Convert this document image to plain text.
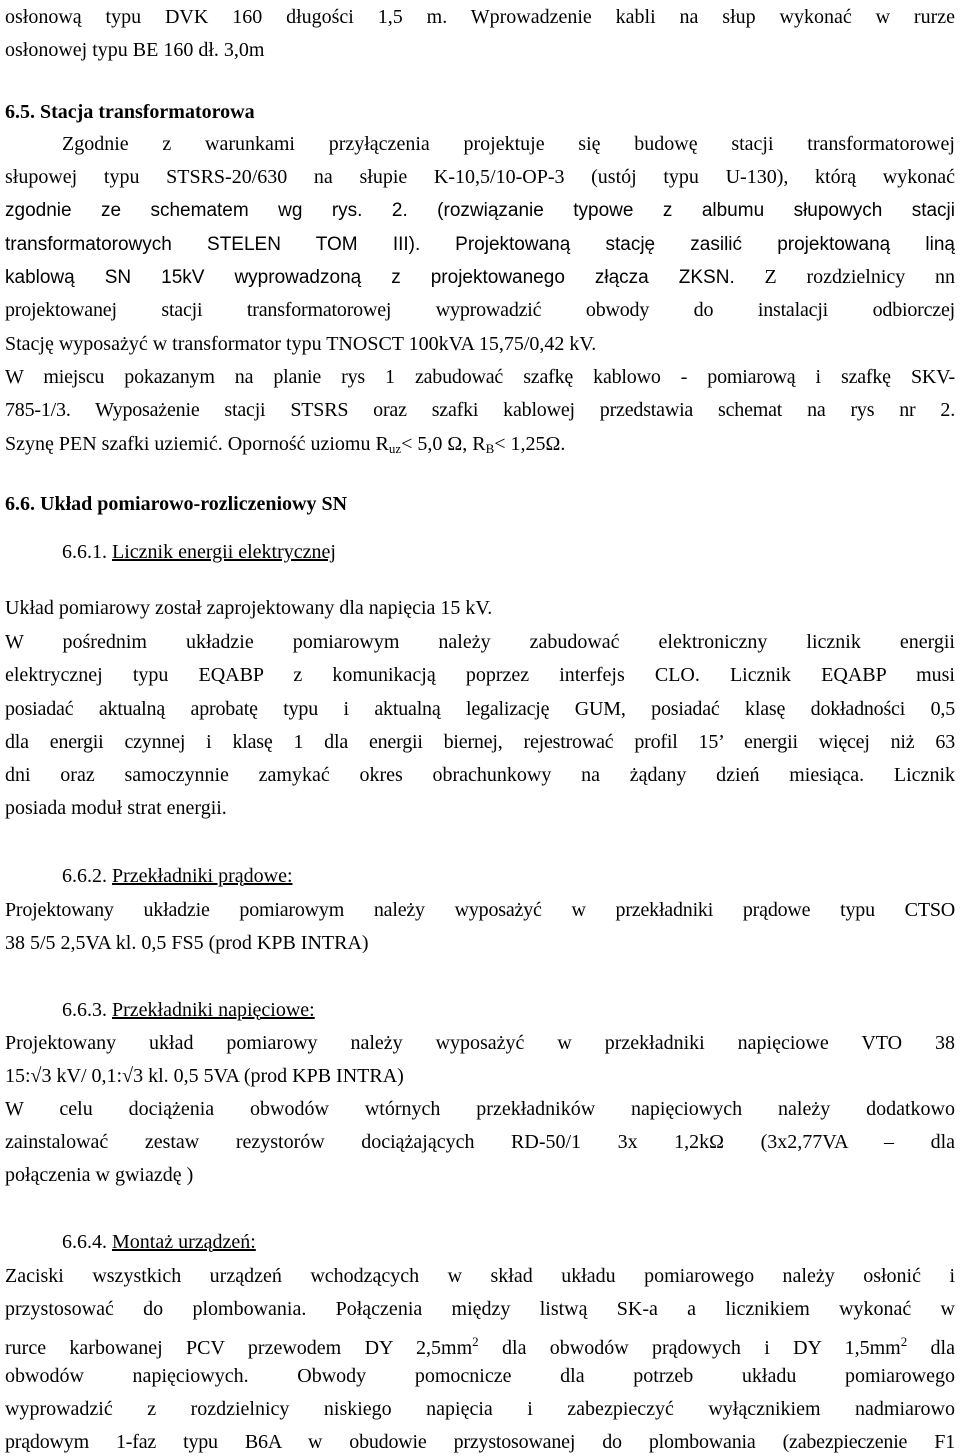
osłonową typu DVK 160 długości 1,5 m. Wprowadzenie kabli na słup wykonać w rurze
osłonowej typu BE 160 dł. 3,0m
6.5. Stacja transformatorowa
Zgodnie z warunkami przyłączenia projektuje się budowę stacji transformatorowej
słupowej typu STSRS-20/630 na słupie K-10,5/10-OP-3 (ustój typu U-130), którą wykonać
zgodnie ze schematem wg rys. 2. (rozwiązanie typowe z albumu słupowych stacji
transformatorowych STELEN TOM III). Projektowaną stację zasilić projektowaną liną
kablową SN 15kV wyprowadzoną z projektowanego złącza ZKSN. Z rozdzielnicy nn
projektowanej stacji transformatorowej wyprowadzić obwody do instalacji odbiorczej
Stację wyposażyć w transformator typu TNOSCT 100kVA 15,75/0,42 kV.
W miejscu pokazanym na planie rys 1 zabudować szafkę kablowo - pomiarową i szafkę SKV-
785-1/3. Wyposażenie stacji STSRS oraz szafki kablowej przedstawia schemat na rys nr 2.
Szynę PEN szafki uziemić. Oporność uziomu $R_{uz}< 5,0$ Ω, $R_B< 1,25\Omega$.
6.6. Układ pomiarowo-rozliczeniowy SN
6.6.1. Licznik energii elektrycznej
Układ pomiarowy został zaprojektowany dla napięcia 15 kV.
W pośrednim układzie pomiarowym należy zabudować elektroniczny licznik energii
elektrycznej typu EQABP z komunikacją poprzez interfejs CLO. Licznik EQABP musi
posiadać aktualną aprobatę typu i aktualną legalizację GUM, posiadać klasę dokładności 0,5
dla energii czynnej i klasę 1 dla energii biernej, rejestrować profil 15’ energii więcej niż 63
dni oraz samoczynnie zamykać okres obrachunkowy na żądany dzień miesiąca. Licznik
posiada moduł strat energii.
6.6.2. Przekładniki prądowe:
Projektowany układzie pomiarowym należy wyposażyć w przekładniki prądowe typu CTSO
38 5/5 2,5VA kl. 0,5 FS5 (prod KPB INTRA)
6.6.3. Przekładniki napięciowe:
Projektowany układ pomiarowy należy wyposażyć w przekładniki napięciowe VTO 38
15:√3 kV/ 0,1:√3 kl. 0,5 5VA (prod KPB INTRA)
W celu dociążenia obwodów wtórnych przekładników napięciowych należy dodatkowo
zainstalować zestaw rezystorów dociążających RD-50/1 3x 1,2kΩ (3x2,77VA – dla
połączenia w gwiazdę )
6.6.4. Montaż urządzeń:
Zaciski wszystkich urządzeń wchodzących w skład układu pomiarowego należy osłonić i
przystosować do plombowania. Połączenia między listwą SK-a a licznikiem wykonać w
rurce karbowanej PCV przewodem DY $2,5mm^2$ dla obwodów prądowych i DY $1,5mm^2$ dla
obwodów napięciowych. Obwody pomocnicze dla potrzeb układu pomiarowego
wyprowadzić z rozdzielnicy niskiego napięcia i zabezpieczyć wyłącznikiem nadmiarowo
prądowym 1-faz typu B6A w obudowie przystosowanej do plombowania (zabezpieczenie F1
